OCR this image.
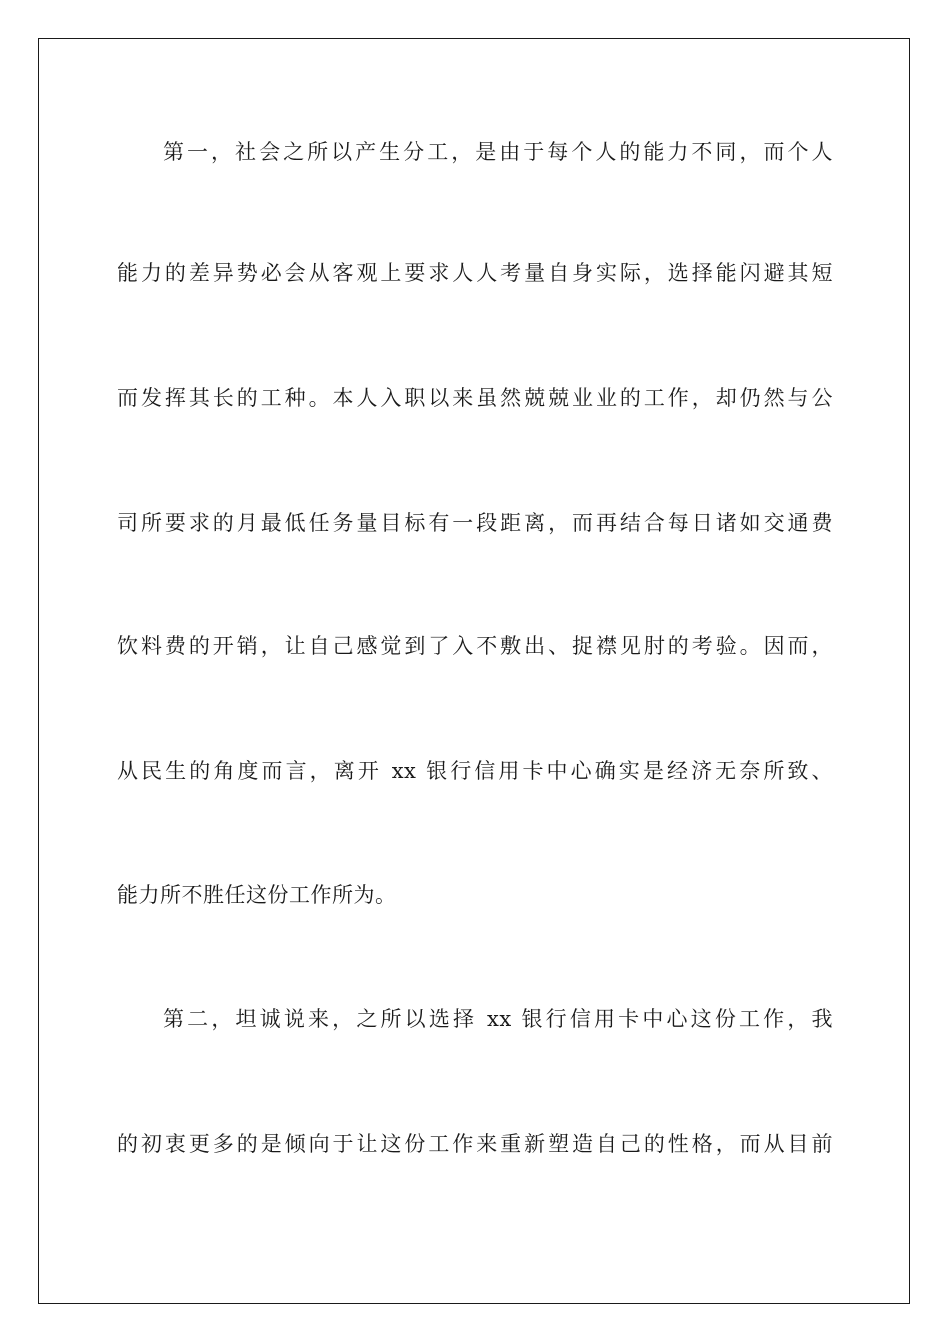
第一，社会之所以产生分工，是由于每个人的能力不同，而个人
能力的差异势必会从客观上要求人人考量自身实际，选择能闪避其短
而发挥其长的工种。本人入职以来虽然兢兢业业的工作，却仍然与公
司所要求的月最低任务量目标有一段距离，而再结合每日诸如交通费
饮料费的开销，让自己感觉到了入不敷出、捉襟见肘的考验。因而，
从民生的角度而言，离开 xx 银行信用卡中心确实是经济无奈所致、
能力所不胜任这份工作所为。
第二，坦诚说来，之所以选择 xx 银行信用卡中心这份工作，我
的初衷更多的是倾向于让这份工作来重新塑造自己的性格，而从目前
